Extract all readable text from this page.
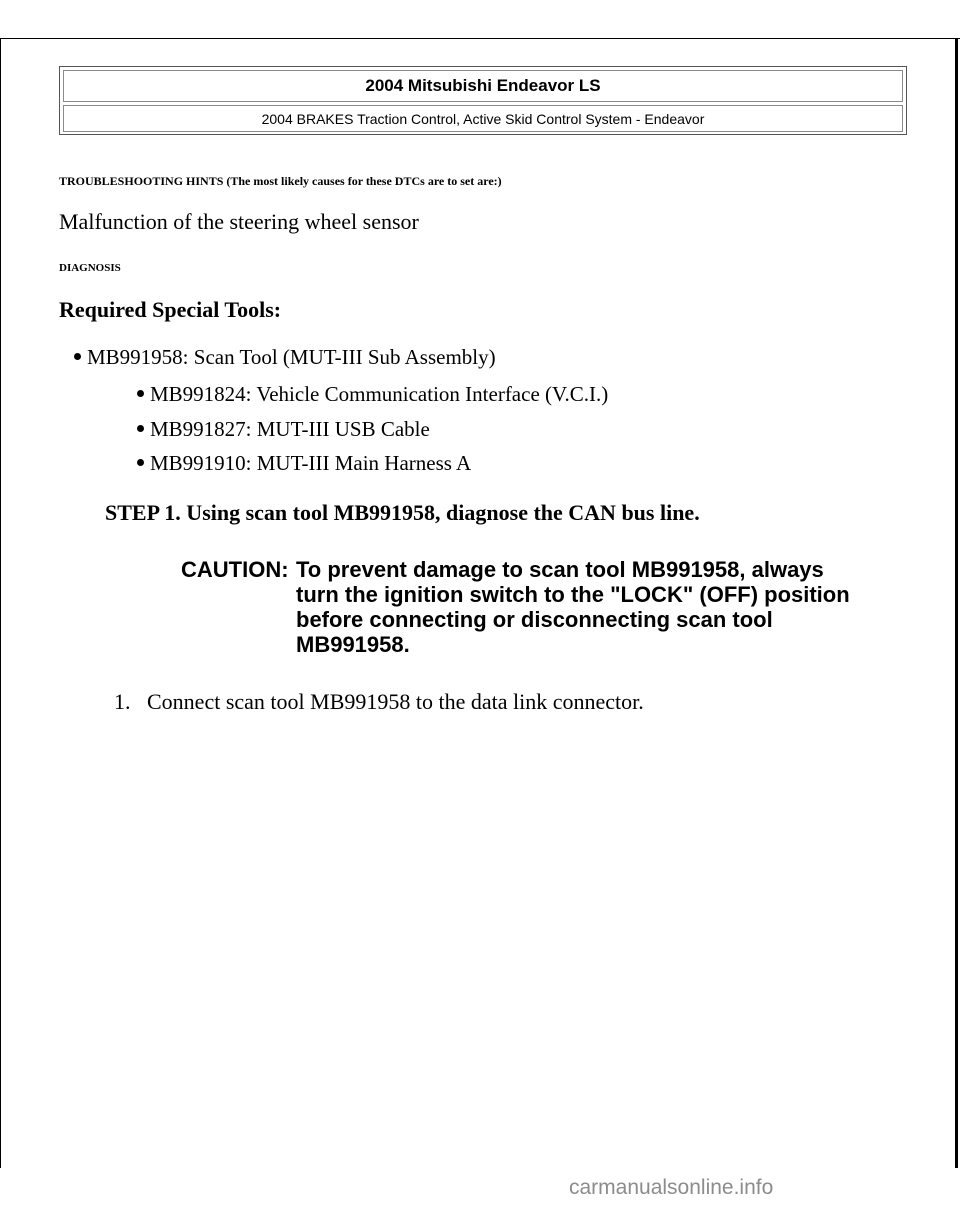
2004 Mitsubishi Endeavor LS
2004 BRAKES Traction Control, Active Skid Control System - Endeavor

TROUBLESHOOTING HINTS (The most likely causes for these DTCs are to set are:)

Malfunction of the steering wheel sensor

DIAGNOSIS

Required Special Tools:

MB991958: Scan Tool (MUT-III Sub Assembly)
MB991824: Vehicle Communication Interface (V.C.I.)
MB991827: MUT-III USB Cable
MB991910: MUT-III Main Harness A

STEP 1. Using scan tool MB991958, diagnose the CAN bus line.

CAUTION: To prevent damage to scan tool MB991958, always turn the ignition switch to the "LOCK" (OFF) position before connecting or disconnecting scan tool MB991958.
1. Connect scan tool MB991958 to the data link connector.
carmanualsonline.info
